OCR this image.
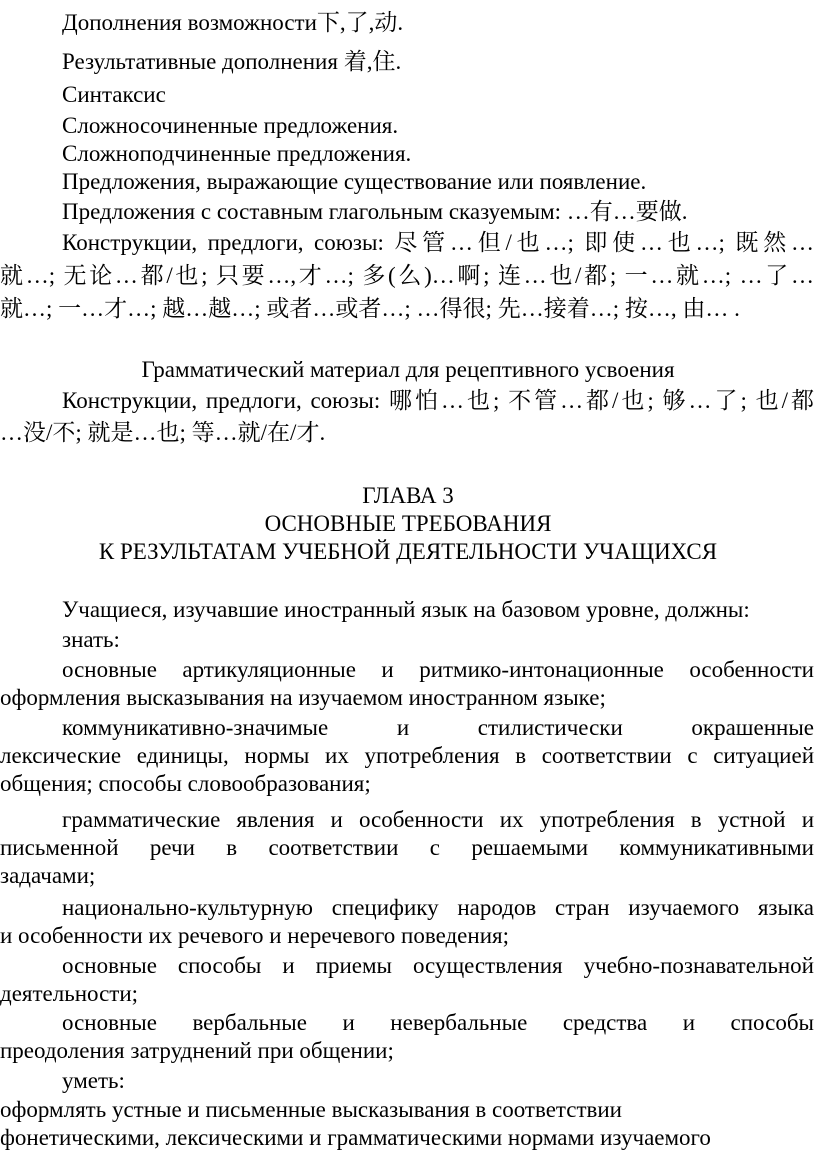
Дополнения возможности下,了,动.
Результативные дополнения 着,住.
Синтаксис
Сложносочиненные предложения.
Сложноподчиненные предложения.
Предложения, выражающие существование или появление.
Предложения с составным глагольным сказуемым: …有…要做.
Конструкции, предлоги, союзы: 尽管…但/也…; 即使…也…; 既然…
就…; 无论…都/也; 只要…,才…; 多(么)…啊; 连…也/都; 一…就…; …了…
就…; 一…才…; 越…越…; 或者…或者…; …得很; 先…接着…; 按…, 由… .
Грамматический материал для рецептивного усвоения
Конструкции, предлоги, союзы: 哪怕…也; 不管…都/也; 够…了; 也/都
…没/不; 就是…也; 等…就/在/才.
ГЛАВА 3
ОСНОВНЫЕ ТРЕБОВАНИЯ
К РЕЗУЛЬТАТАМ УЧЕБНОЙ ДЕЯТЕЛЬНОСТИ УЧАЩИХСЯ
Учащиеся, изучавшие иностранный язык на базовом уровне, должны:
знать:
основные артикуляционные и ритмико-интонационные особенности
оформления высказывания на изучаемом иностранном языке;
коммуникативно-значимые и стилистически окрашенные
лексические единицы, нормы их употребления в соответствии с ситуацией
общения; способы словообразования;
грамматические явления и особенности их употребления в устной и
письменной речи в соответствии с решаемыми коммуникативными
задачами;
национально-культурную специфику народов стран изучаемого языка
и особенности их речевого и неречевого поведения;
основные способы и приемы осуществления учебно-познавательной
деятельности;
основные вербальные и невербальные средства и способы
преодоления затруднений при общении;
уметь:
оформлять устные и письменные высказывания в соответствии
фонетическими, лексическими и грамматическими нормами изучаемого
